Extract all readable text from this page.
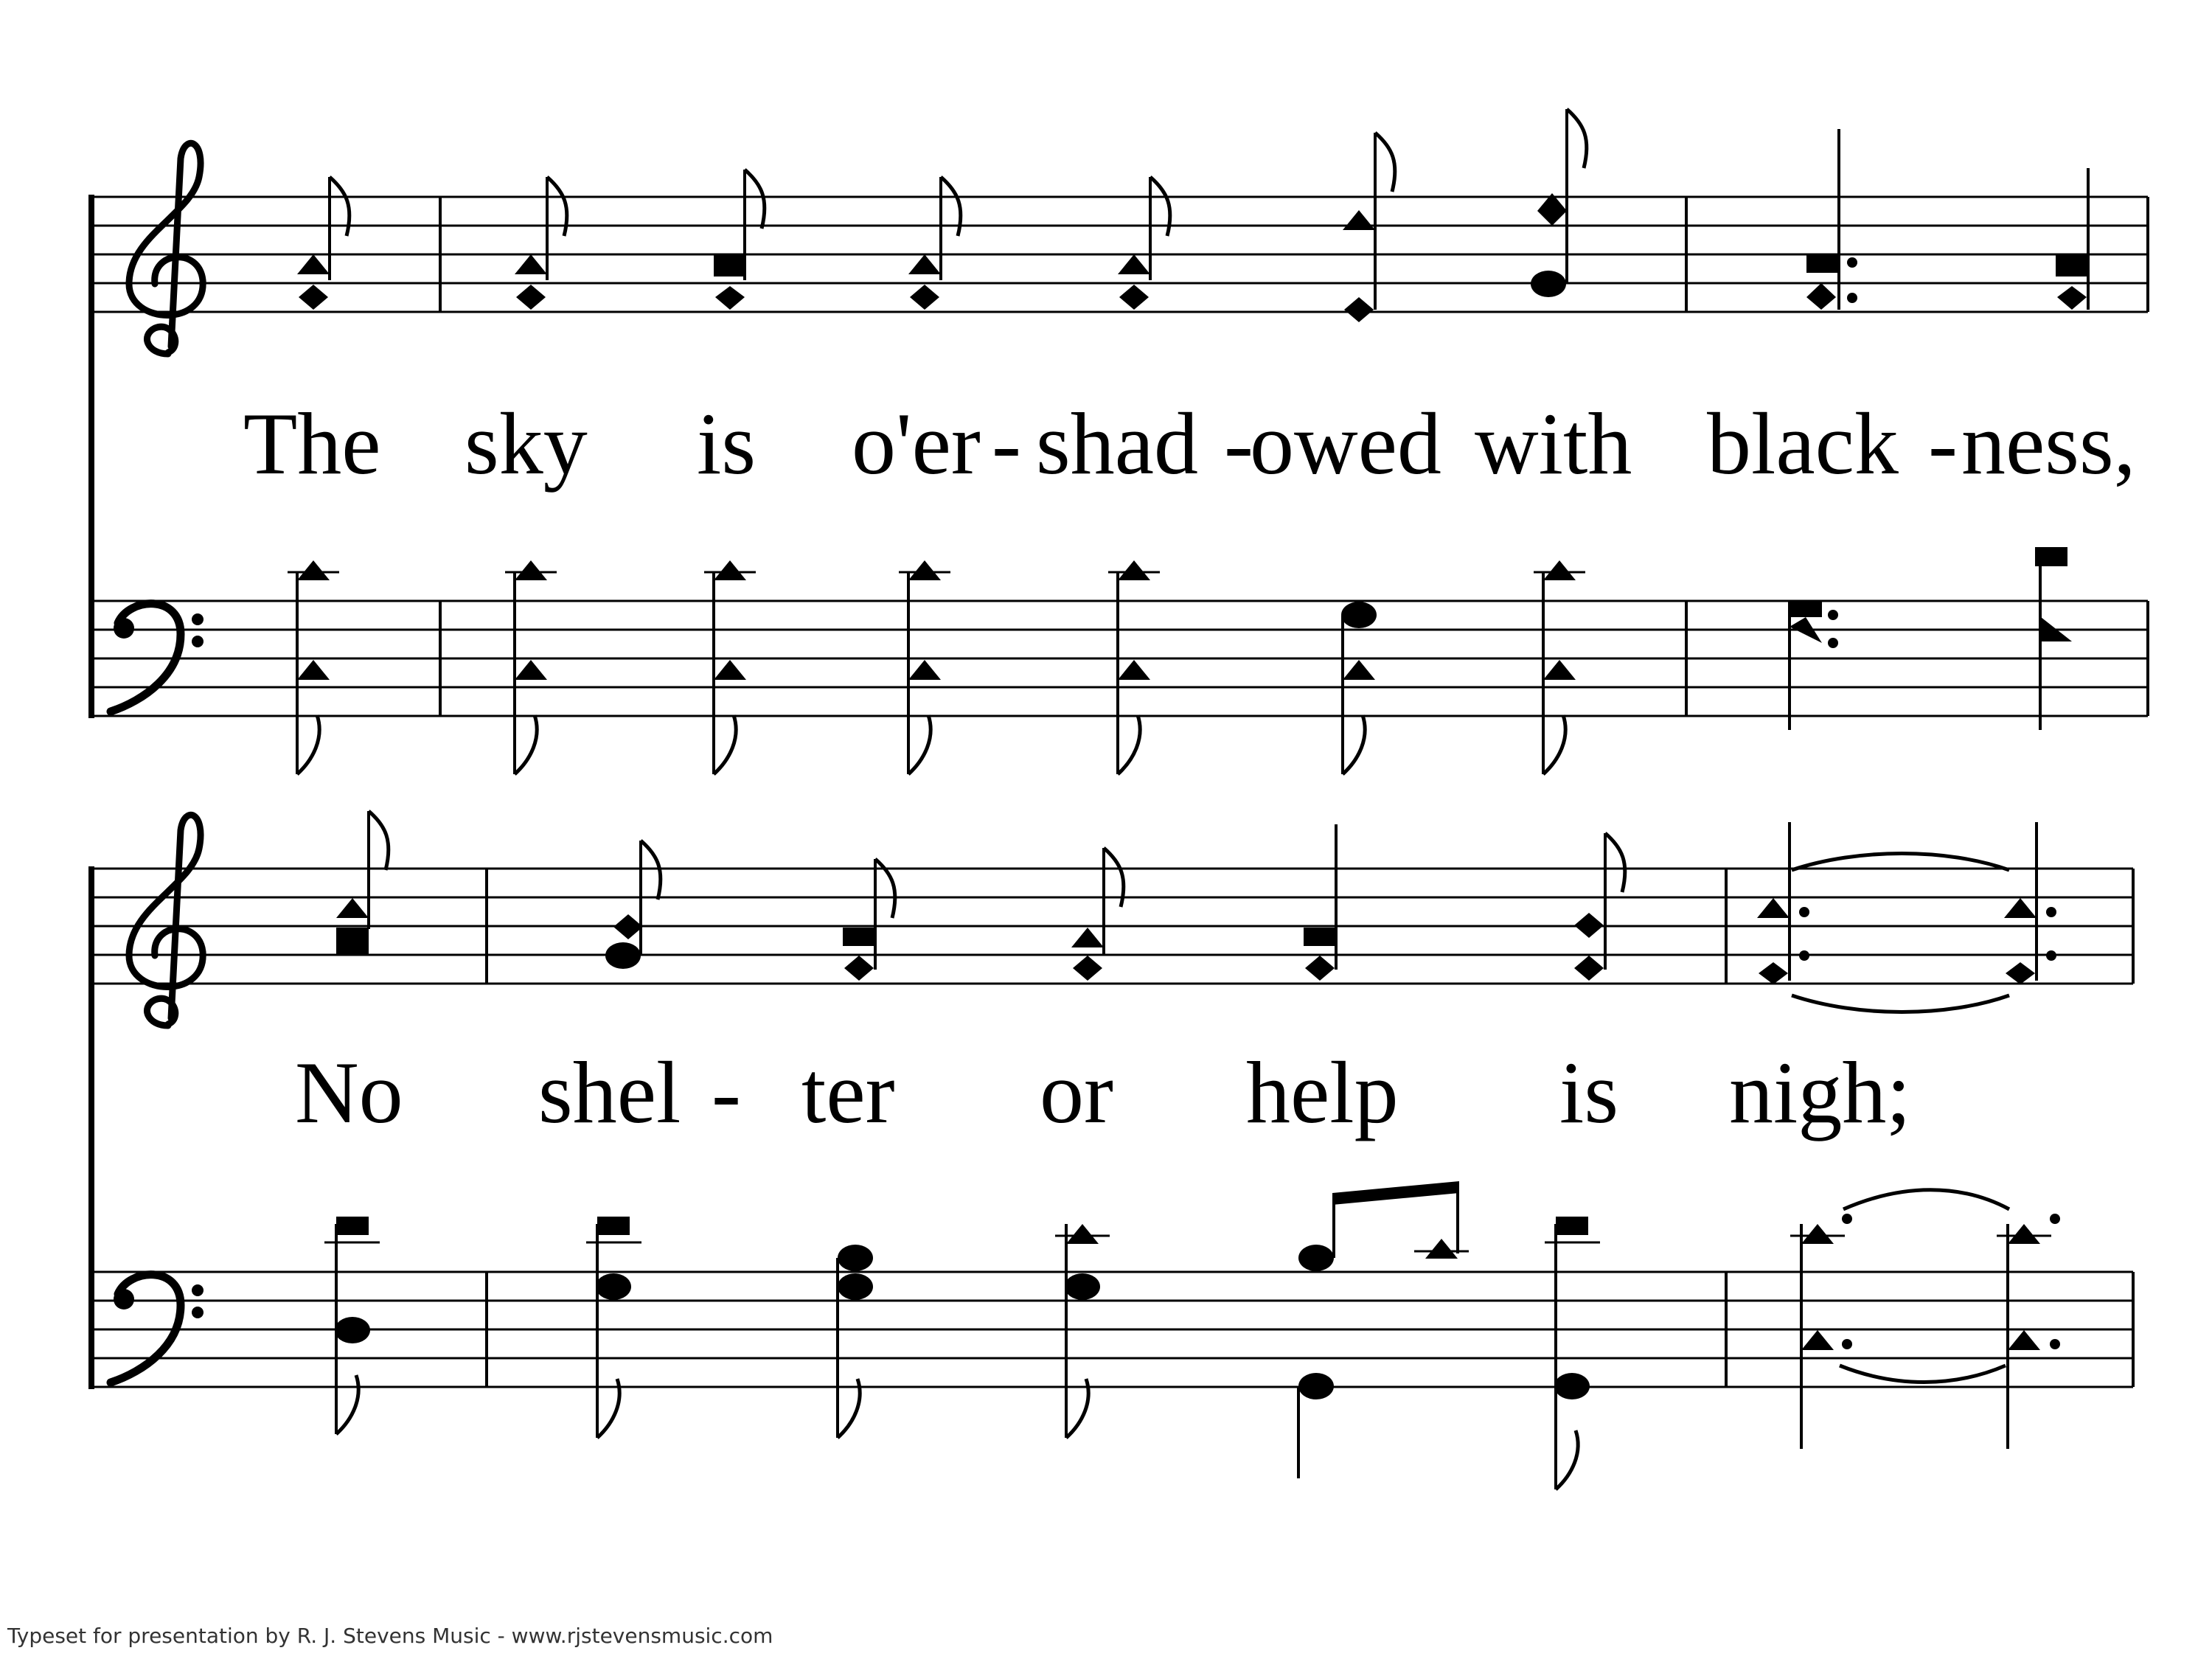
The sky is o'er - shad -
owed with black - ness,
No shel - ter or help is nigh;
Typeset for presentation by R. J. Stevens Music - www.rjstevensmusic.com
